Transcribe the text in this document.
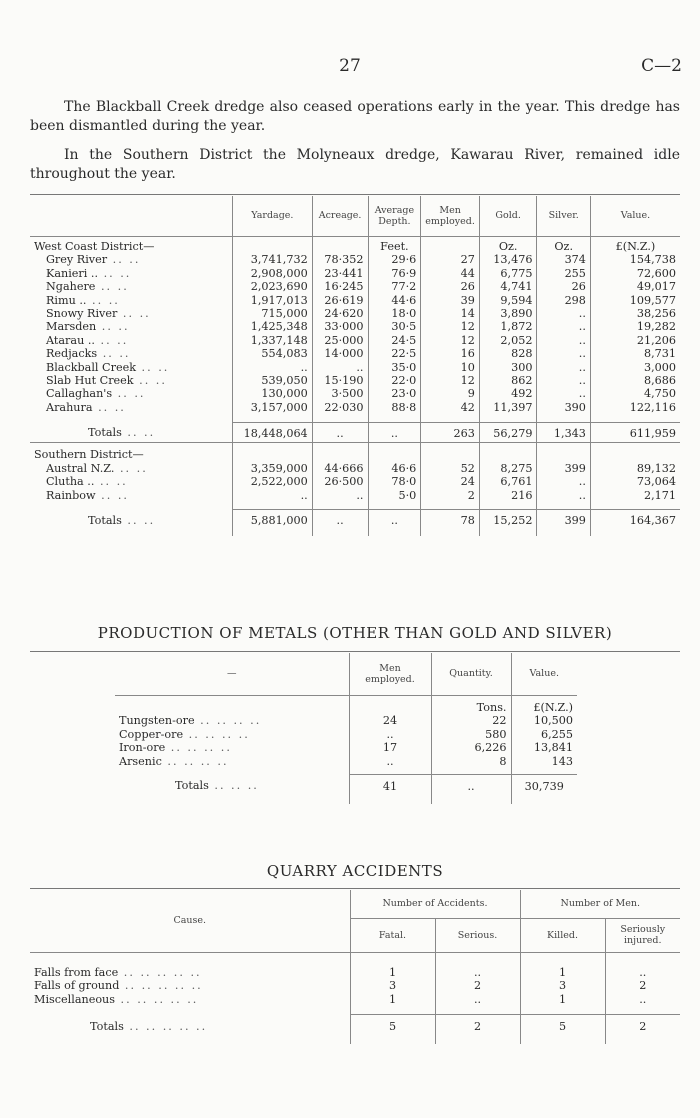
27	C—2
The Blackball Creek dredge also ceased operations early in the year. This dredge has been dismantled during the year.
In the Southern District the Molyneaux dredge, Kawarau River, remained idle throughout the year.
	Yardage.	Acreage.	Average Depth.	Men employed.	Gold.	Silver.	Value.

West Coast District—			Feet.		Oz.	Oz.	£(N.Z.)
Grey River .. ..	3,741,732	78·352	29·6	27	13,476	374	154,738
Kanieri .. .. ..	2,908,000	23·441	76·9	44	6,775	255	72,600
Ngahere .. ..	2,023,690	16·245	77·2	26	4,741	26	49,017
Rimu .. .. ..	1,917,013	26·619	44·6	39	9,594	298	109,577
Snowy River .. ..	715,000	24·620	18·0	14	3,890	..	38,256
Marsden .. ..	1,425,348	33·000	30·5	12	1,872	..	19,282
Atarau .. .. ..	1,337,148	25·000	24·5	12	2,052	..	21,206
Redjacks .. ..	554,083	14·000	22·5	16	828	..	8,731
Blackball Creek .. ..	..	..	35·0	10	300	..	3,000
Slab Hut Creek .. ..	539,050	15·190	22·0	12	862	..	8,686
Callaghan's .. ..	130,000	3·500	23·0	9	492	..	4,750
Arahura .. ..	3,157,000	22·030	88·8	42	11,397	390	122,116

Totals .. ..	18,448,064	..	..	263	56,279	1,343	611,959

Southern District—							
Austral N.Z. .. ..	3,359,000	44·666	46·6	52	8,275	399	89,132
Clutha .. .. ..	2,522,000	26·500	78·0	24	6,761	..	73,064
Rainbow .. ..	..	..	5·0	2	216	..	2,171

Totals .. ..	5,881,000	..	..	78	15,252	399	164,367

PRODUCTION OF METALS (OTHER THAN GOLD AND SILVER)
—	Men employed.	Quantity.	Value.

		Tons.	£(N.Z.)
Tungsten-ore .. .. .. ..	24	22	10,500
Copper-ore .. .. .. ..	..	580	6,255
Iron-ore .. .. .. ..	17	6,226	13,841
Arsenic .. .. .. ..	..	8	143

Totals .. .. ..	41	..	30,739

QUARRY ACCIDENTS
Cause.	Number of Accidents.		Number of Men.	
	Fatal.	Serious.	Killed.	Seriously injured.

Falls from face .. .. .. .. ..	1	..	1	..
Falls of ground .. .. .. .. ..	3	2	3	2
Miscellaneous .. .. .. .. ..	1	..	1	..

Totals .. .. .. .. ..	5	2	5	2
